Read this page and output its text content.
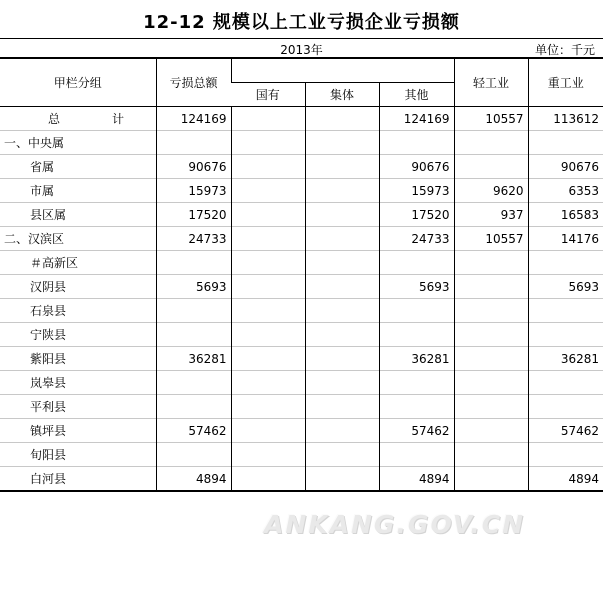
12-12 规模以上工业亏损企业亏损额
2013年	单位：千元
甲栏分组	亏损总额				轻工业	重工业
		国有	集体	其他		
总 计	124169			124169	10557	113612
一、中央属						
省属	90676			90676		90676
市属	15973			15973	9620	6353
县区属	17520			17520	937	16583
二、汉滨区	24733			24733	10557	14176
＃高新区						
汉阴县	5693			5693		5693
石泉县						
宁陕县						
紫阳县	36281			36281		36281
岚皋县						
平利县						
镇坪县	57462			57462		57462
旬阳县						
白河县	4894			4894		4894
ANKANG.GOV.CN
